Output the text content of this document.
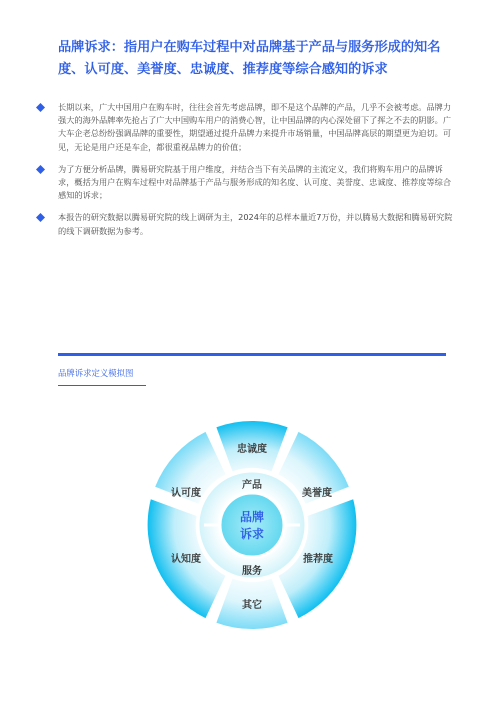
品牌诉求：指用户在购车过程中对品牌基于产品与服务形成的知名度、认可度、美誉度、忠诚度、推荐度等综合感知的诉求
长期以来，广大中国用户在购车时，往往会首先考虑品牌，即不是这个品牌的产品，几乎不会被考虑。品牌力强大的海外品牌率先抢占了广大中国购车用户的消费心智，让中国品牌的内心深处留下了挥之不去的阴影。广大车企老总纷纷强调品牌的重要性，期望通过提升品牌力来提升市场销量，中国品牌高层的期望更为迫切。可见，无论是用户还是车企，都很重视品牌力的价值；
为了方便分析品牌，腾易研究院基于用户维度，并结合当下有关品牌的主流定义，我们将购车用户的品牌诉求，概括为用户在购车过程中对品牌基于产品与服务形成的知名度、认可度、美誉度、忠诚度、推荐度等综合感知的诉求；
本报告的研究数据以腾易研究院的线上调研为主，2024年的总样本量近7万份，并以腾易大数据和腾易研究院的线下调研数据为参考。
品牌诉求定义模拟图
品牌
诉求
产品
服务
忠诚度
美誉度
推荐度
其它
认知度
认可度
